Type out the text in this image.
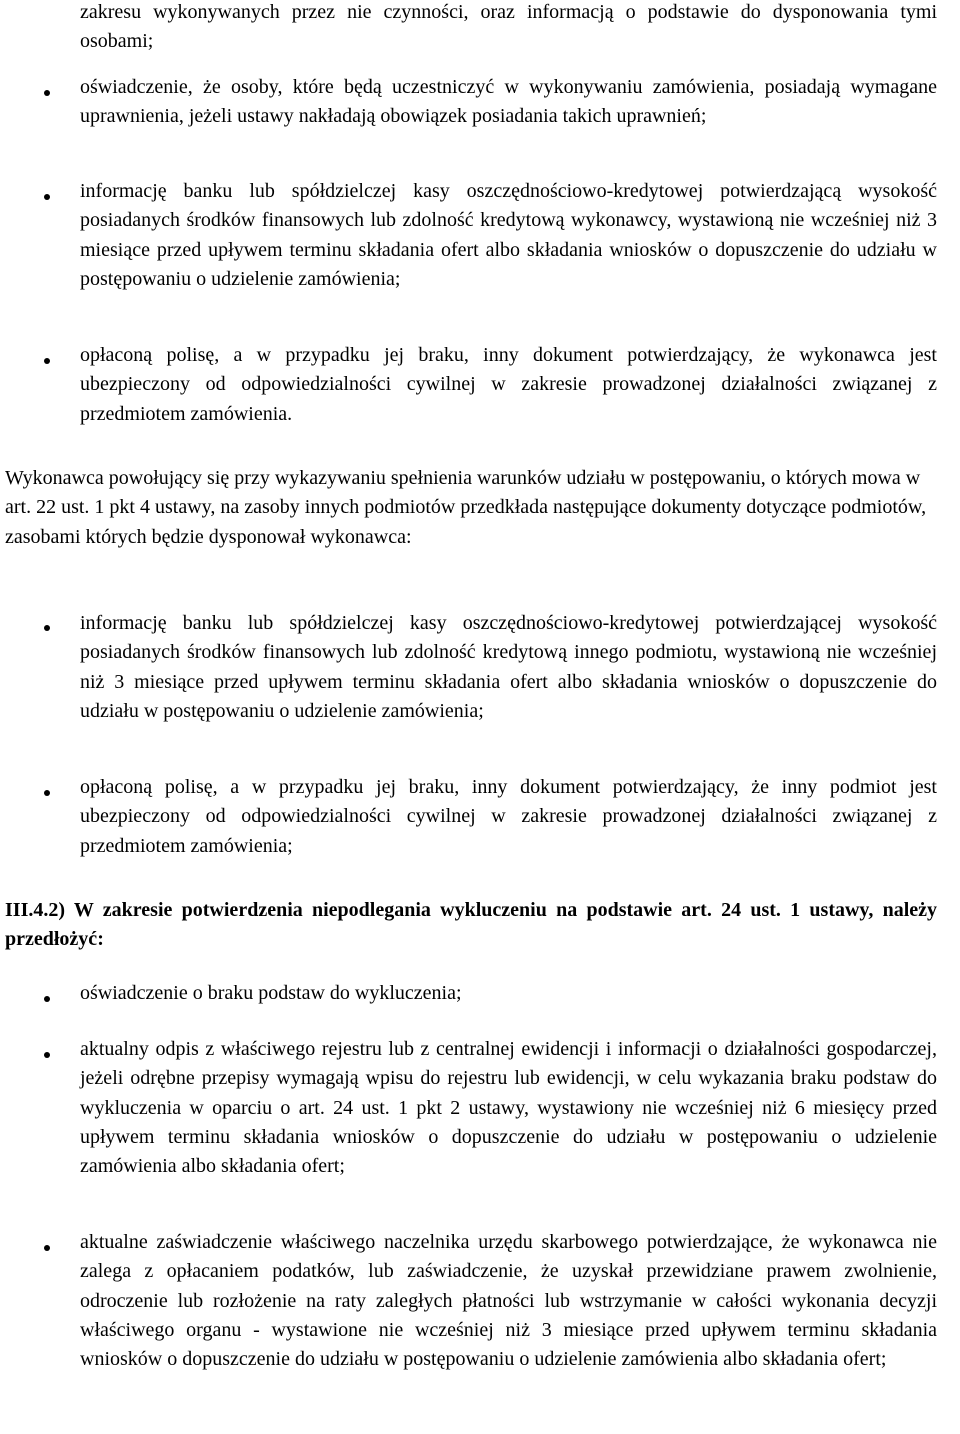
zakresu wykonywanych przez nie czynności, oraz informacją o podstawie do dysponowania tymi osobami;
oświadczenie, że osoby, które będą uczestniczyć w wykonywaniu zamówienia, posiadają wymagane uprawnienia, jeżeli ustawy nakładają obowiązek posiadania takich uprawnień;
informację banku lub spółdzielczej kasy oszczędnościowo-kredytowej potwierdzającą wysokość posiadanych środków finansowych lub zdolność kredytową wykonawcy, wystawioną nie wcześniej niż 3 miesiące przed upływem terminu składania ofert albo składania wniosków o dopuszczenie do udziału w postępowaniu o udzielenie zamówienia;
opłaconą polisę, a w przypadku jej braku, inny dokument potwierdzający, że wykonawca jest ubezpieczony od odpowiedzialności cywilnej w zakresie prowadzonej działalności związanej z przedmiotem zamówienia.
Wykonawca powołujący się przy wykazywaniu spełnienia warunków udziału w postępowaniu, o których mowa w art. 22 ust. 1 pkt 4 ustawy, na zasoby innych podmiotów przedkłada następujące dokumenty dotyczące podmiotów, zasobami których będzie dysponował wykonawca:
informację banku lub spółdzielczej kasy oszczędnościowo-kredytowej potwierdzającej wysokość posiadanych środków finansowych lub zdolność kredytową innego podmiotu, wystawioną nie wcześniej niż 3 miesiące przed upływem terminu składania ofert albo składania wniosków o dopuszczenie do udziału w postępowaniu o udzielenie zamówienia;
opłaconą polisę, a w przypadku jej braku, inny dokument potwierdzający, że inny podmiot jest ubezpieczony od odpowiedzialności cywilnej w zakresie prowadzonej działalności związanej z przedmiotem zamówienia;
III.4.2) W zakresie potwierdzenia niepodlegania wykluczeniu na podstawie art. 24 ust. 1 ustawy, należy przedłożyć:
oświadczenie o braku podstaw do wykluczenia;
aktualny odpis z właściwego rejestru lub z centralnej ewidencji i informacji o działalności gospodarczej, jeżeli odrębne przepisy wymagają wpisu do rejestru lub ewidencji, w celu wykazania braku podstaw do wykluczenia w oparciu o art. 24 ust. 1 pkt 2 ustawy, wystawiony nie wcześniej niż 6 miesięcy przed upływem terminu składania wniosków o dopuszczenie do udziału w postępowaniu o udzielenie zamówienia albo składania ofert;
aktualne zaświadczenie właściwego naczelnika urzędu skarbowego potwierdzające, że wykonawca nie zalega z opłacaniem podatków, lub zaświadczenie, że uzyskał przewidziane prawem zwolnienie, odroczenie lub rozłożenie na raty zaległych płatności lub wstrzymanie w całości wykonania decyzji właściwego organu - wystawione nie wcześniej niż 3 miesiące przed upływem terminu składania wniosków o dopuszczenie do udziału w postępowaniu o udzielenie zamówienia albo składania ofert;
